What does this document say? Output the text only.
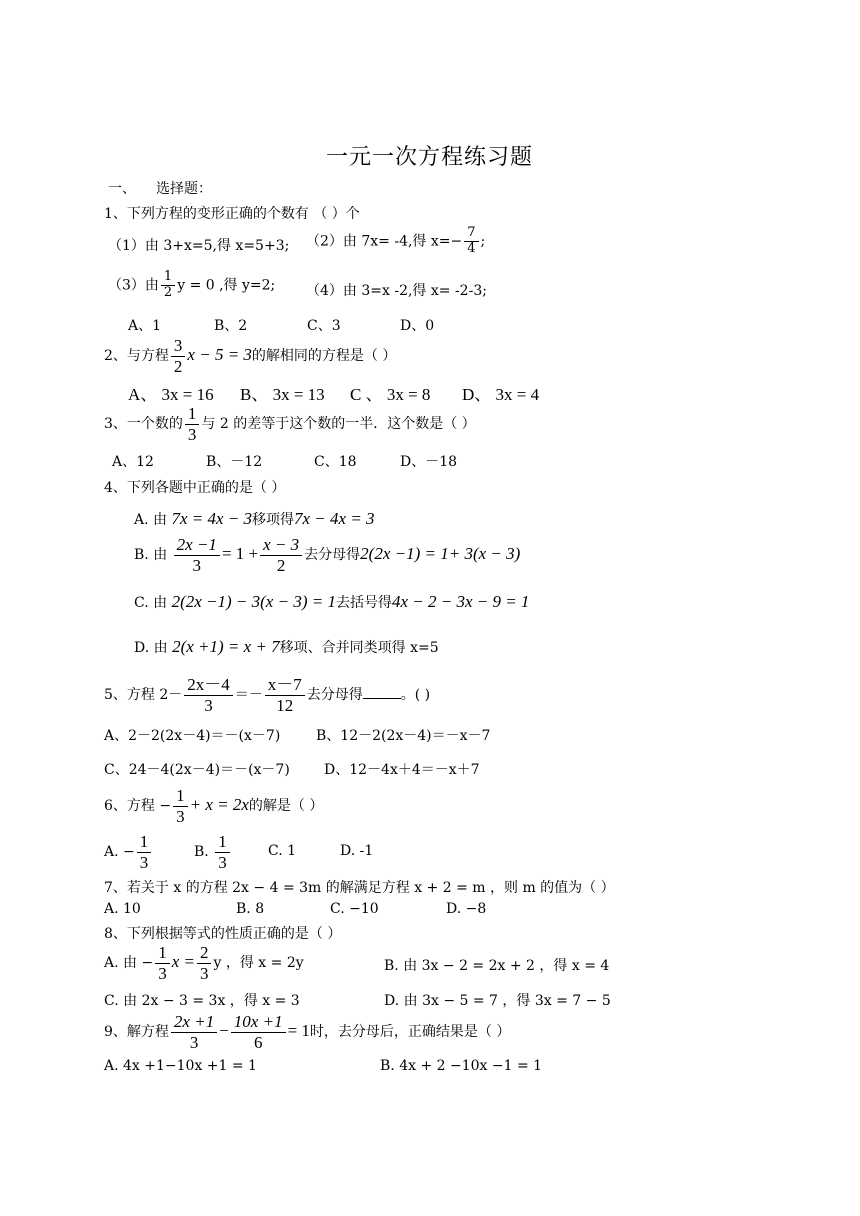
一元一次方程练习题
一、 选择题：
1、下列方程的变形正确的个数有 （ ）个
（1）由 3+x=5,得 x=5+3; （2）由 7x= -4,得 $x=- \frac{7}{4}$ ;
（3）由 $\frac{1}{2}$ y = 0 ,得 y=2; （4）由 3=x -2,得 x= -2-3;
A、1	B、2	C、3	D、0
2、与方程 $\frac{3}{2}$ x − 5 = 3的解相同的方程是（ ）
A、 3x = 16 B、 3x = 13 C 、 3x = 8 D、 3x = 4
3、一个数的 $\frac{1}{3}$ 与 2 的差等于这个数的一半．这个数是（ ）
A、12	B、－12	C、18	D、－18
4、下列各题中正确的是（ ）
A. 由 7x = 4x − 3移项得7x − 4x = 3
B. 由 $\frac{2x -1}{3} = 1 + \frac{x - 3}{2}$ 去分母得2(2x −1) = 1+ 3(x − 3)
C. 由 2(2x −1) − 3(x − 3) = 1去括号得4x − 2 − 3x − 9 = 1
D. 由 2(x +1) = x + 7移项、合并同类项得 x=5
5、方程 $2- \frac{2x-4}{3} =- \frac{x-7}{12}$ 去分母得	。( )
A、2－2(2x－4)＝－(x－7)	B、12－2(2x－4)＝－x－7
C、24－4(2x－4)＝－(x－7) D、12－4x＋4＝－x＋7
6、方程 − $\frac{1}{3} + x = 2x$的解是（ ）
A. − $\frac{1}{3}$	B. $\frac{1}{3}$	C. 1	D. -1
7、若关于 x 的方程 2x − 4 = 3m 的解满足方程 x + 2 = m ，则 m 的值为（ ）
A. 10	B. 8	C. −10	D. −8
8、下列根据等式的性质正确的是（ ）
A. 由 − $\frac{1}{3}$ $x = \frac{2}{3}$ y ，得 x = 2y	B. 由 3x − 2 = 2x + 2 ，得 x = 4
C. 由 2x − 3 = 3x ，得 x = 3	D. 由 3x − 5 = 7 ，得 3x = 7 − 5
9、解方程 $\frac{2x +1}{3} - \frac{10x +1}{6} = 1$时，去分母后，正确结果是（ ）
A. 4x +1−10x +1 = 1	B. 4x + 2 −10x −1 = 1
